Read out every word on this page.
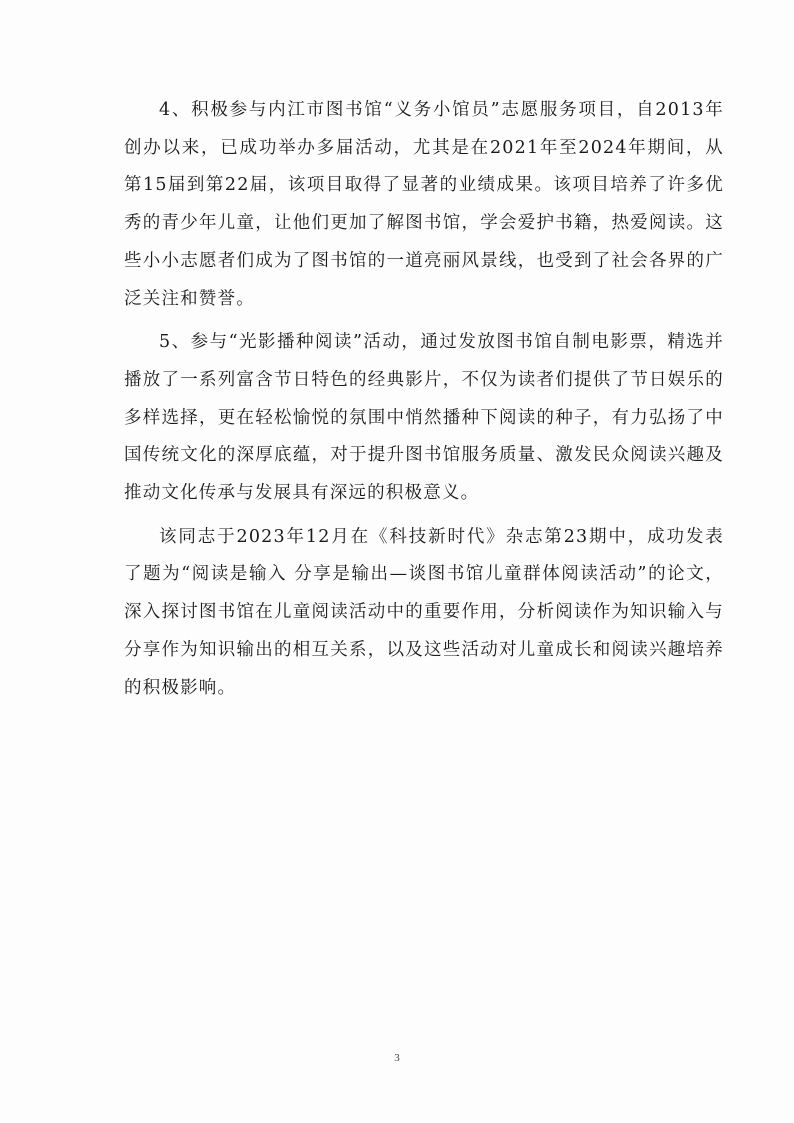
4、积极参与内江市图书馆“义务小馆员”志愿服务项目，自2013年创办以来，已成功举办多届活动，尤其是在2021年至2024年期间，从第15届到第22届，该项目取得了显著的业绩成果。该项目培养了许多优秀的青少年儿童，让他们更加了解图书馆，学会爱护书籍，热爱阅读。这些小小志愿者们成为了图书馆的一道亮丽风景线，也受到了社会各界的广泛关注和赞誉。

5、参与“光影播种阅读”活动，通过发放图书馆自制电影票，精选并播放了一系列富含节日特色的经典影片，不仅为读者们提供了节日娱乐的多样选择，更在轻松愉悦的氛围中悄然播种下阅读的种子，有力弘扬了中国传统文化的深厚底蕴，对于提升图书馆服务质量、激发民众阅读兴趣及推动文化传承与发展具有深远的积极意义。

该同志于2023年12月在《科技新时代》杂志第23期中，成功发表了题为“阅读是输入 分享是输出—谈图书馆儿童群体阅读活动”的论文，深入探讨图书馆在儿童阅读活动中的重要作用，分析阅读作为知识输入与分享作为知识输出的相互关系，以及这些活动对儿童成长和阅读兴趣培养的积极影响。

3
